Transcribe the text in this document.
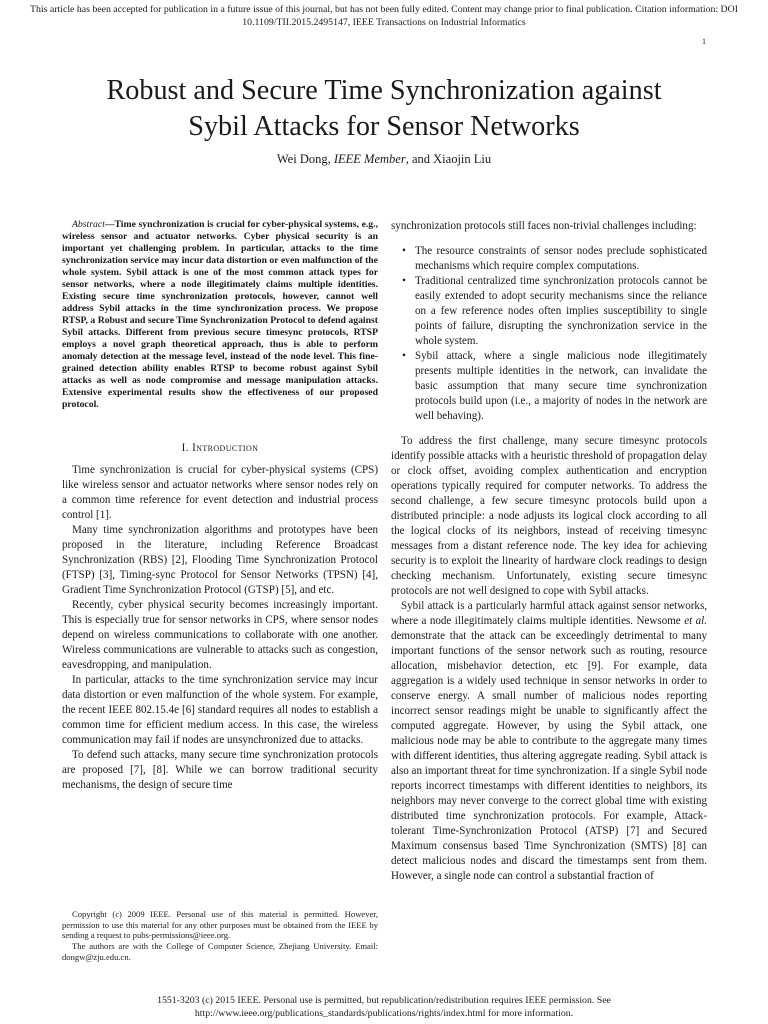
This article has been accepted for publication in a future issue of this journal, but has not been fully edited. Content may change prior to final publication. Citation information: DOI
10.1109/TII.2015.2495147, IEEE Transactions on Industrial Informatics
1
Robust and Secure Time Synchronization against
Sybil Attacks for Sensor Networks
Wei Dong, IEEE Member, and Xiaojin Liu

Abstract—Time synchronization is crucial for cyber-physical systems, e.g., wireless sensor and actuator networks. Cyber physical security is an important yet challenging problem. In particular, attacks to the time synchronization service may incur data distortion or even malfunction of the whole system. Sybil attack is one of the most common attack types for sensor networks, where a node illegitimately claims multiple identities. Existing secure time synchronization protocols, however, cannot well address Sybil attacks in the time synchronization process. We propose RTSP, a Robust and secure Time Synchronization Protocol to defend against Sybil attacks. Different from previous secure timesync protocols, RTSP employs a novel graph theoretical approach, thus is able to perform anomaly detection at the message level, instead of the node level. This fine-grained detection ability enables RTSP to become robust against Sybil attacks as well as node compromise and message manipulation attacks. Extensive experimental results show the effectiveness of our proposed protocol.

I. Introduction

Time synchronization is crucial for cyber-physical systems (CPS) like wireless sensor and actuator networks where sensor nodes rely on a common time reference for event detection and industrial process control [1].

Many time synchronization algorithms and prototypes have been proposed in the literature, including Reference Broadcast Synchronization (RBS) [2], Flooding Time Synchronization Protocol (FTSP) [3], Timing-sync Protocol for Sensor Networks (TPSN) [4], Gradient Time Synchronization Protocol (GTSP) [5], and etc.

Recently, cyber physical security becomes increasingly important. This is especially true for sensor networks in CPS, where sensor nodes depend on wireless communications to collaborate with one another. Wireless communications are vulnerable to attacks such as congestion, eavesdropping, and manipulation.

In particular, attacks to the time synchronization service may incur data distortion or even malfunction of the whole system. For example, the recent IEEE 802.15.4e [6] standard requires all nodes to establish a common time for efficient medium access. In this case, the wireless communication may fail if nodes are unsynchronized due to attacks.

To defend such attacks, many secure time synchronization protocols are proposed [7], [8]. While we can borrow traditional security mechanisms, the design of secure time

Copyright (c) 2009 IEEE. Personal use of this material is permitted. However, permission to use this material for any other purposes must be obtained from the IEEE by sending a request to pubs-permissions@ieee.org.

The authors are with the College of Computer Science, Zhejiang University. Email: dongw@zju.edu.cn.

synchronization protocols still faces non-trivial challenges including:

• The resource constraints of sensor nodes preclude sophisticated mechanisms which require complex computations.
• Traditional centralized time synchronization protocols cannot be easily extended to adopt security mechanisms since the reliance on a few reference nodes often implies susceptibility to single points of failure, disrupting the synchronization service in the whole system.
• Sybil attack, where a single malicious node illegitimately presents multiple identities in the network, can invalidate the basic assumption that many secure time synchronization protocols build upon (i.e., a majority of nodes in the network are well behaving).

To address the first challenge, many secure timesync protocols identify possible attacks with a heuristic threshold of propagation delay or clock offset, avoiding complex authentication and encryption operations typically required for computer networks. To address the second challenge, a few secure timesync protocols build upon a distributed principle: a node adjusts its logical clock according to all the logical clocks of its neighbors, instead of receiving timesync messages from a distant reference node. The key idea for achieving security is to exploit the linearity of hardware clock readings to design checking mechanism. Unfortunately, existing secure timesync protocols are not well designed to cope with Sybil attacks.

Sybil attack is a particularly harmful attack against sensor networks, where a node illegitimately claims multiple identities. Newsome et al. demonstrate that the attack can be exceedingly detrimental to many important functions of the sensor network such as routing, resource allocation, misbehavior detection, etc [9]. For example, data aggregation is a widely used technique in sensor networks in order to conserve energy. A small number of malicious nodes reporting incorrect sensor readings might be unable to significantly affect the computed aggregate. However, by using the Sybil attack, one malicious node may be able to contribute to the aggregate many times with different identities, thus altering aggregate reading. Sybil attack is also an important threat for time synchronization. If a single Sybil node reports incorrect timestamps with different identities to neighbors, its neighbors may never converge to the correct global time with existing distributed time synchronization protocols. For example, Attack-tolerant Time-Synchronization Protocol (ATSP) [7] and Secured Maximum consensus based Time Synchronization (SMTS) [8] can detect malicious nodes and discard the timestamps sent from them. However, a single node can control a substantial fraction of

1551-3203 (c) 2015 IEEE. Personal use is permitted, but republication/redistribution requires IEEE permission. See
http://www.ieee.org/publications_standards/publications/rights/index.html for more information.
